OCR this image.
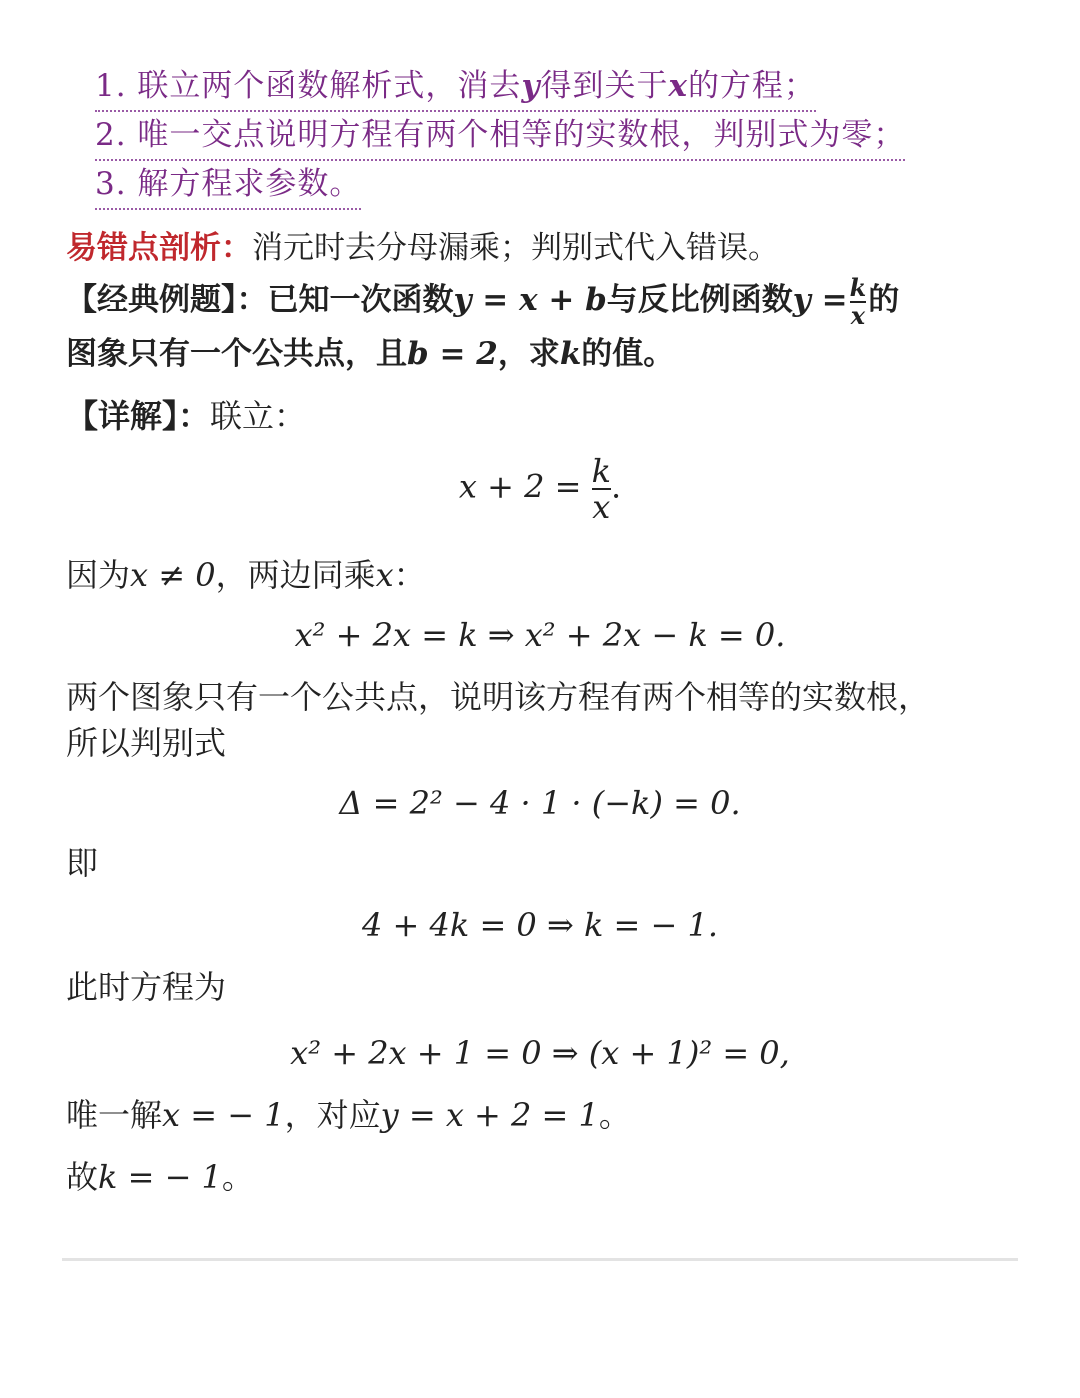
1. 联立两个函数解析式，消去y得到关于x的方程；
2. 唯一交点说明方程有两个相等的实数根，判别式为零；
3. 解方程求参数。
易错点剖析：消元时去分母漏乘；判别式代入错误。
【经典例题】：已知一次函数y = x + b与反比例函数$y = \frac{k}{x}$ 的
图象只有一个公共点，且b = 2，求k的值。
【详解】：联立：
$x + 2 = \frac{k}{x}$ .
因为x ≠ 0，两边同乘x：
x² + 2x = k ⇒ x² + 2x − k = 0.
两个图象只有一个公共点，说明该方程有两个相等的实数根，
所以判别式
Δ = 2² − 4 · 1 · (−k) = 0.
即
4 + 4k = 0 ⇒ k = − 1.
此时方程为
x² + 2x + 1 = 0 ⇒ (x + 1)² = 0,
唯一解x = − 1，对应y = x + 2 = 1。
故k = − 1。
